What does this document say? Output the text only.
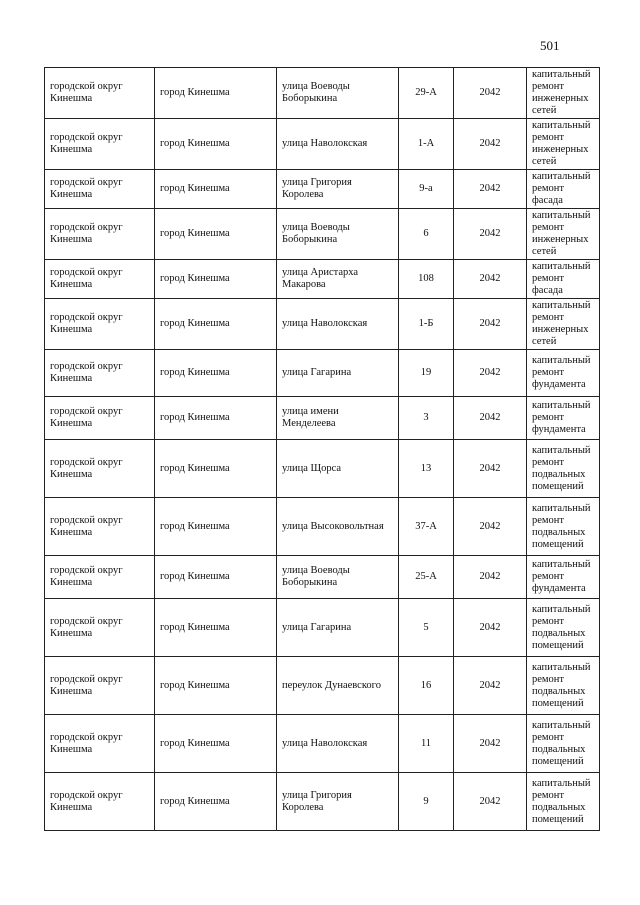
501
городской округ Кинешма	город Кинешма	улица Воеводы Боборыкина	29-А	2042	капитальный ремонт инженерных сетей
городской округ Кинешма	город Кинешма	улица Наволокская	1-А	2042	капитальный ремонт инженерных сетей
городской округ Кинешма	город Кинешма	улица Григория Королева	9-а	2042	капитальный ремонт фасада
городской округ Кинешма	город Кинешма	улица Воеводы Боборыкина	6	2042	капитальный ремонт инженерных сетей
городской округ Кинешма	город Кинешма	улица Аристарха Макарова	108	2042	капитальный ремонт фасада
городской округ Кинешма	город Кинешма	улица Наволокская	1-Б	2042	капитальный ремонт инженерных сетей
городской округ Кинешма	город Кинешма	улица Гагарина	19	2042	капитальный ремонт фундамента
городской округ Кинешма	город Кинешма	улица имени Менделеева	3	2042	капитальный ремонт фундамента
городской округ Кинешма	город Кинешма	улица Щорса	13	2042	капитальный ремонт подвальных помещений
городской округ Кинешма	город Кинешма	улица Высоковольтная	37-А	2042	капитальный ремонт подвальных помещений
городской округ Кинешма	город Кинешма	улица Воеводы Боборыкина	25-А	2042	капитальный ремонт фундамента
городской округ Кинешма	город Кинешма	улица Гагарина	5	2042	капитальный ремонт подвальных помещений
городской округ Кинешма	город Кинешма	переулок Дунаевского	16	2042	капитальный ремонт подвальных помещений
городской округ Кинешма	город Кинешма	улица Наволокская	11	2042	капитальный ремонт подвальных помещений
городской округ Кинешма	город Кинешма	улица Григория Королева	9	2042	капитальный ремонт подвальных помещений
